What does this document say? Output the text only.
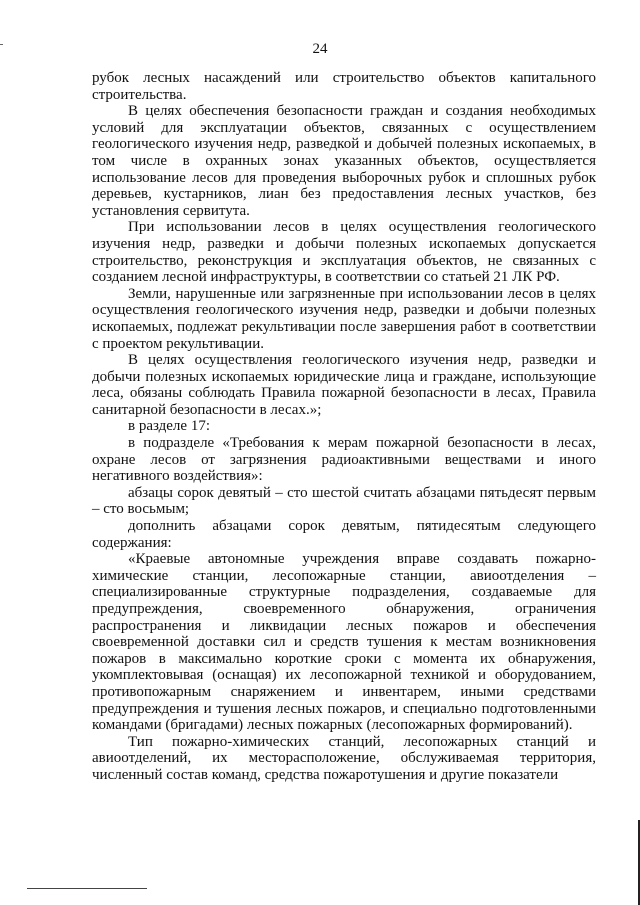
24

рубок лесных насаждений или строительство объектов капитального строительства.

В целях обеспечения безопасности граждан и создания необходимых условий для эксплуатации объектов, связанных с осуществлением геологического изучения недр, разведкой и добычей полезных ископаемых, в том числе в охранных зонах указанных объектов, осуществляется использование лесов для проведения выборочных рубок и сплошных рубок деревьев, кустарников, лиан без предоставления лесных участков, без установления сервитута.

При использовании лесов в целях осуществления геологического изучения недр, разведки и добычи полезных ископаемых допускается строительство, реконструкция и эксплуатация объектов, не связанных с созданием лесной инфраструктуры, в соответствии со статьей 21 ЛК РФ.

Земли, нарушенные или загрязненные при использовании лесов в целях осуществления геологического изучения недр, разведки и добычи полезных ископаемых, подлежат рекультивации после завершения работ в соответствии с проектом рекультивации.

В целях осуществления геологического изучения недр, разведки и добычи полезных ископаемых юридические лица и граждане, использующие леса, обязаны соблюдать Правила пожарной безопасности в лесах, Правила санитарной безопасности в лесах.»;

в разделе 17:

в подразделе «Требования к мерам пожарной безопасности в лесах, охране лесов от загрязнения радиоактивными веществами и иного негативного воздействия»:

абзацы сорок девятый – сто шестой считать абзацами пятьдесят первым – сто восьмым;

дополнить абзацами сорок девятым, пятидесятым следующего содержания:

«Краевые автономные учреждения вправе создавать пожарно-химические станции, лесопожарные станции, авиоотделения – специализированные структурные подразделения, создаваемые для предупреждения, своевременного обнаружения, ограничения распространения и ликвидации лесных пожаров и обеспечения своевременной доставки сил и средств тушения к местам возникновения пожаров в максимально короткие сроки с момента их обнаружения, укомплектовывая (оснащая) их лесопожарной техникой и оборудованием, противопожарным снаряжением и инвентарем, иными средствами предупреждения и тушения лесных пожаров, и специально подготовленными командами (бригадами) лесных пожарных (лесопожарных формирований).

Тип пожарно-химических станций, лесопожарных станций и авиоотделений, их месторасположение, обслуживаемая территория, численный состав команд, средства пожаротушения и другие показатели
